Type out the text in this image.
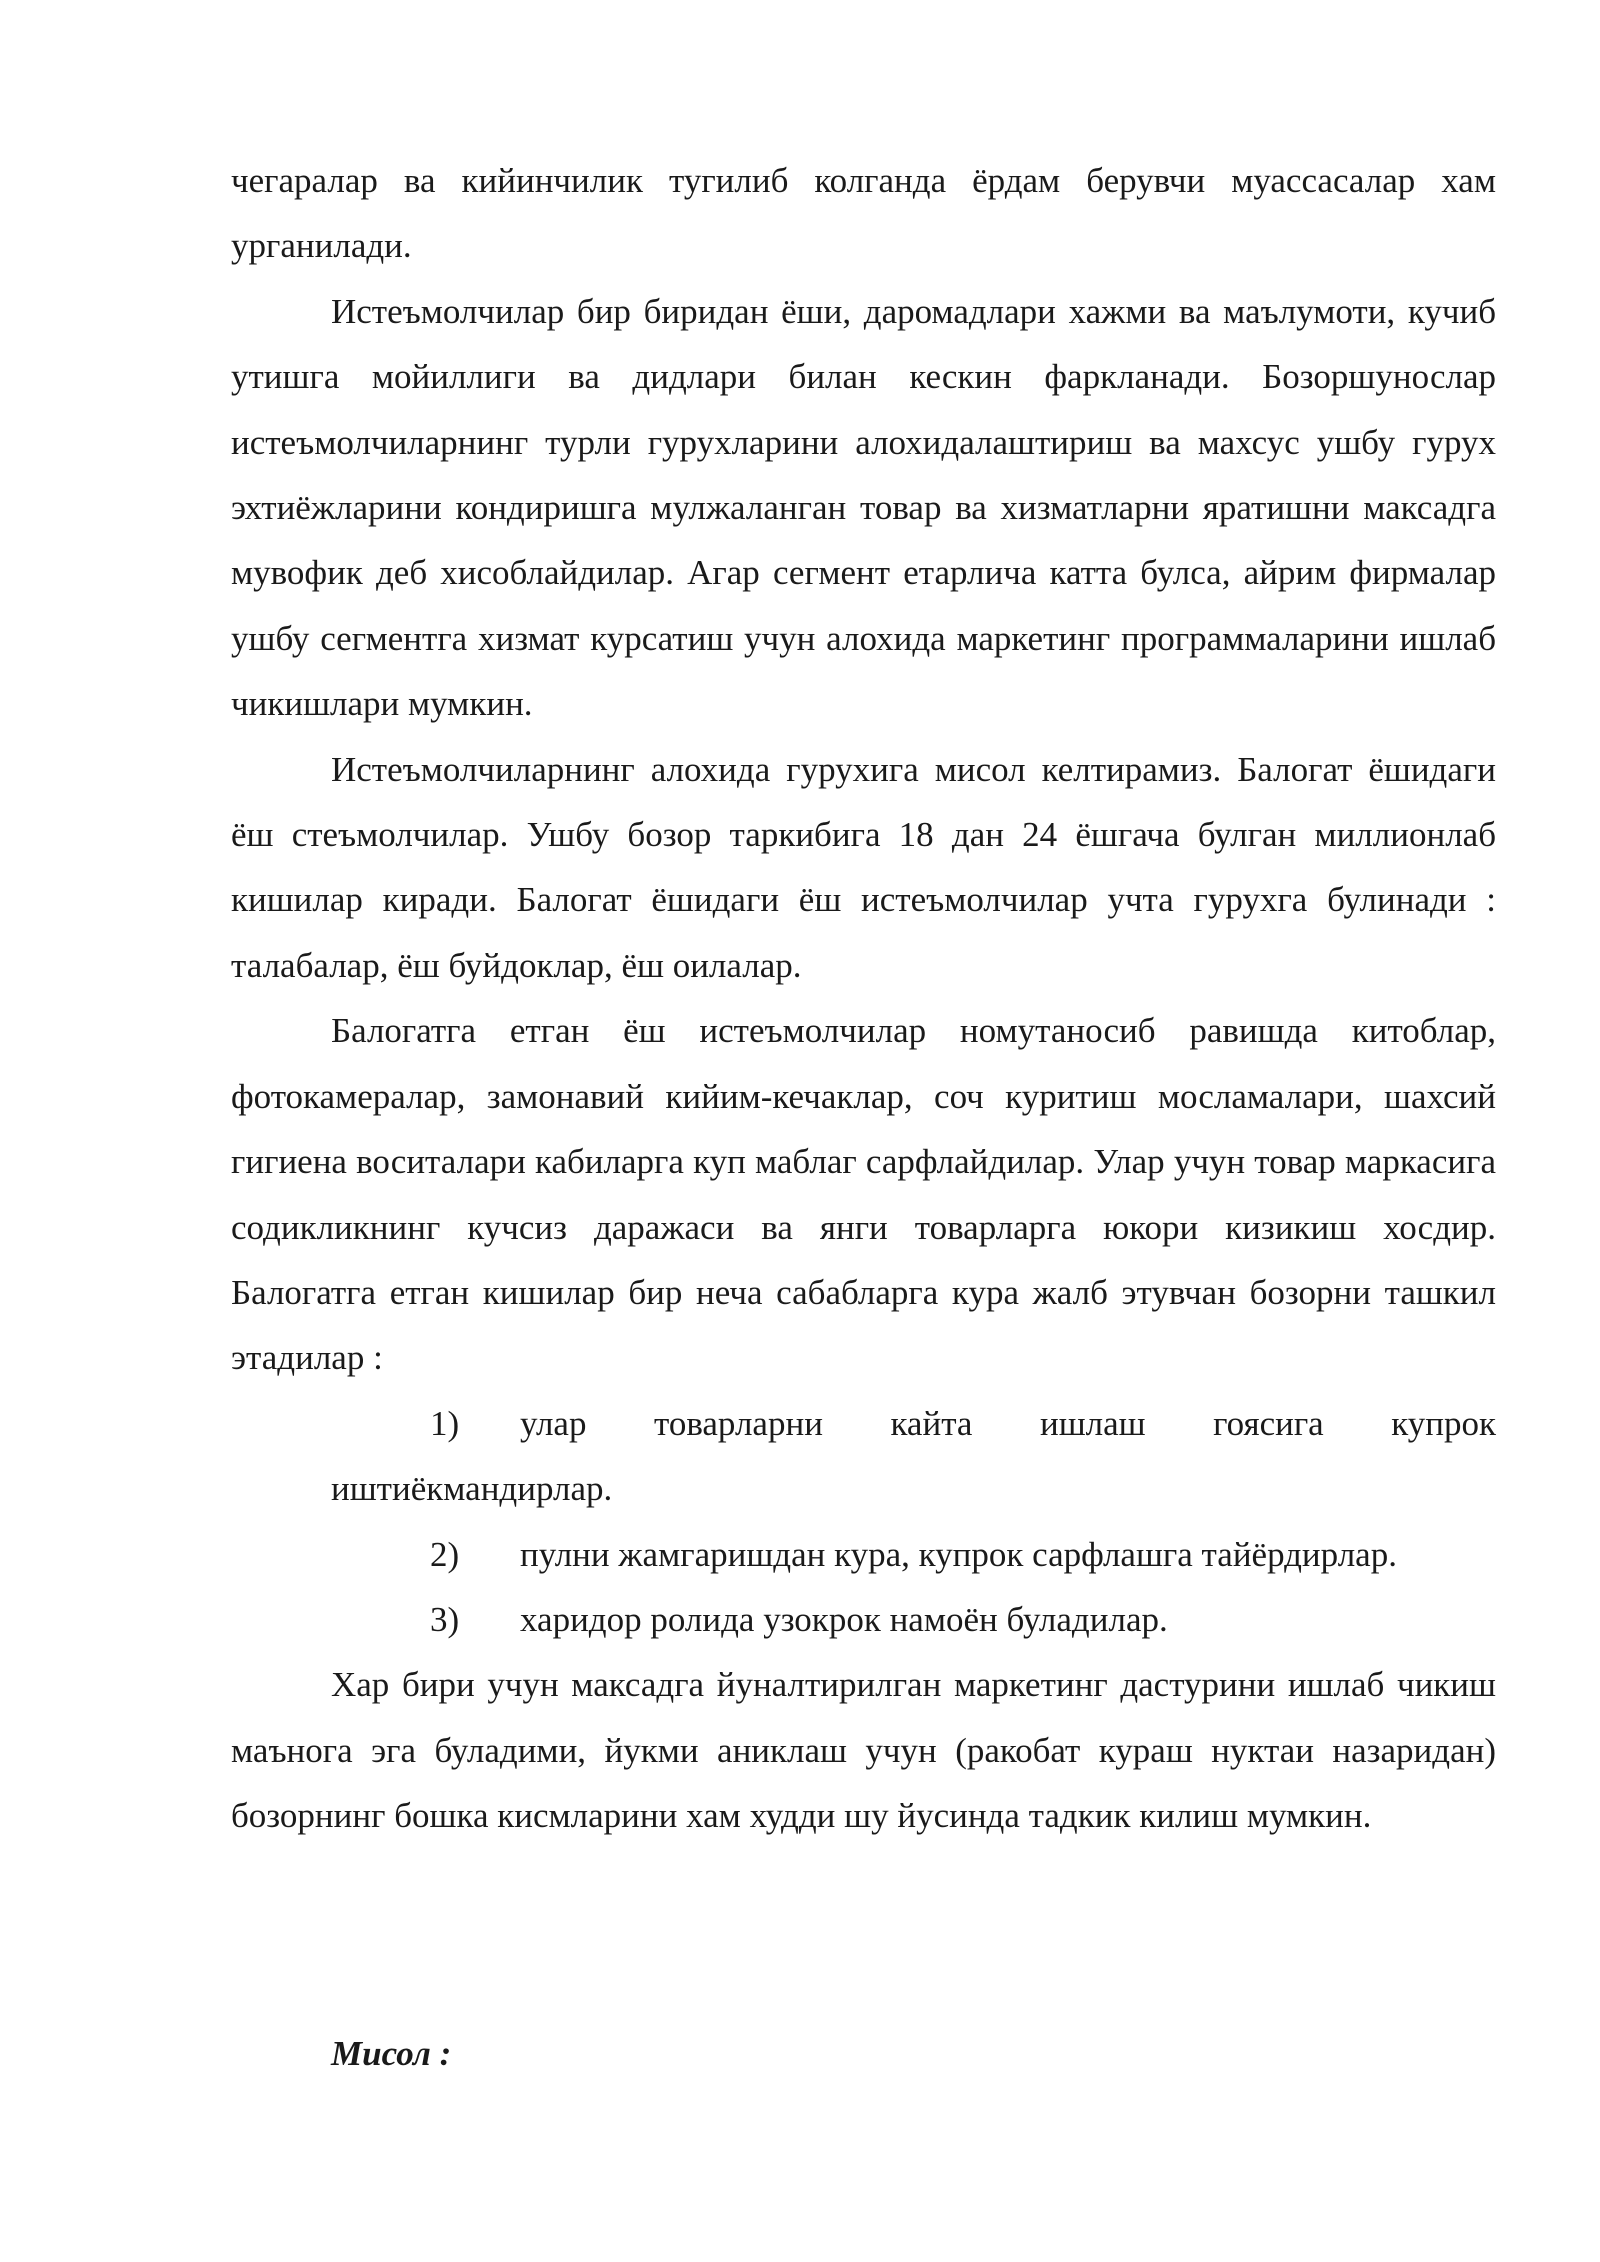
чегаралар ва кийинчилик тугилиб колганда ёрдам берувчи муассасалар хам урганилади.

Истеъмолчилар бир биридан ёши, даромадлари хажми ва маълумоти, кучиб утишга мойиллиги ва дидлари билан кескин фаркланади. Бозоршунослар истеъмолчиларнинг турли гурухларини алохидалаштириш ва махсус ушбу гурух эхтиёжларини кондиришга мулжаланган товар ва хизматларни яратишни максадга мувофик деб хисоблайдилар. Агар сегмент етарлича катта булса, айрим фирмалар ушбу сегментга хизмат курсатиш учун алохида маркетинг программаларини ишлаб чикишлари мумкин.

Истеъмолчиларнинг алохида гурухига мисол келтирамиз. Балогат ёшидаги ёш стеъмолчилар. Ушбу бозор таркибига 18 дан 24 ёшгача булган миллионлаб кишилар киради. Балогат ёшидаги ёш истеъмолчилар учта гурухга булинади : талабалар, ёш буйдоклар, ёш оилалар.

Балогатга етган ёш истеъмолчилар номутаносиб равишда китоблар, фотокамералар, замонавий кийим-кечаклар, соч куритиш мосламалари, шахсий гигиена воситалари кабиларга куп маблаг сарфлайдилар. Улар учун товар маркасига содикликнинг кучсиз даражаси ва янги товарларга юкори кизикиш хосдир. Балогатга етган кишилар бир неча сабабларга кура жалб этувчан бозорни ташкил этадилар :

1)	улар товарларни кайта ишлаш гоясига купрок

иштиёкмандирлар.

2)	пулни жамгаришдан кура, купрок сарфлашга тайёрдирлар.
3)	харидор ролида узокрок намоён буладилар.

Хар бири учун максадга йуналтирилган маркетинг дастурини ишлаб чикиш маънога эга буладими, йукми аниклаш учун (ракобат кураш нуктаи назаридан) бозорнинг бошка кисмларини хам худди шу йусинда тадкик килиш мумкин.

Мисол :
